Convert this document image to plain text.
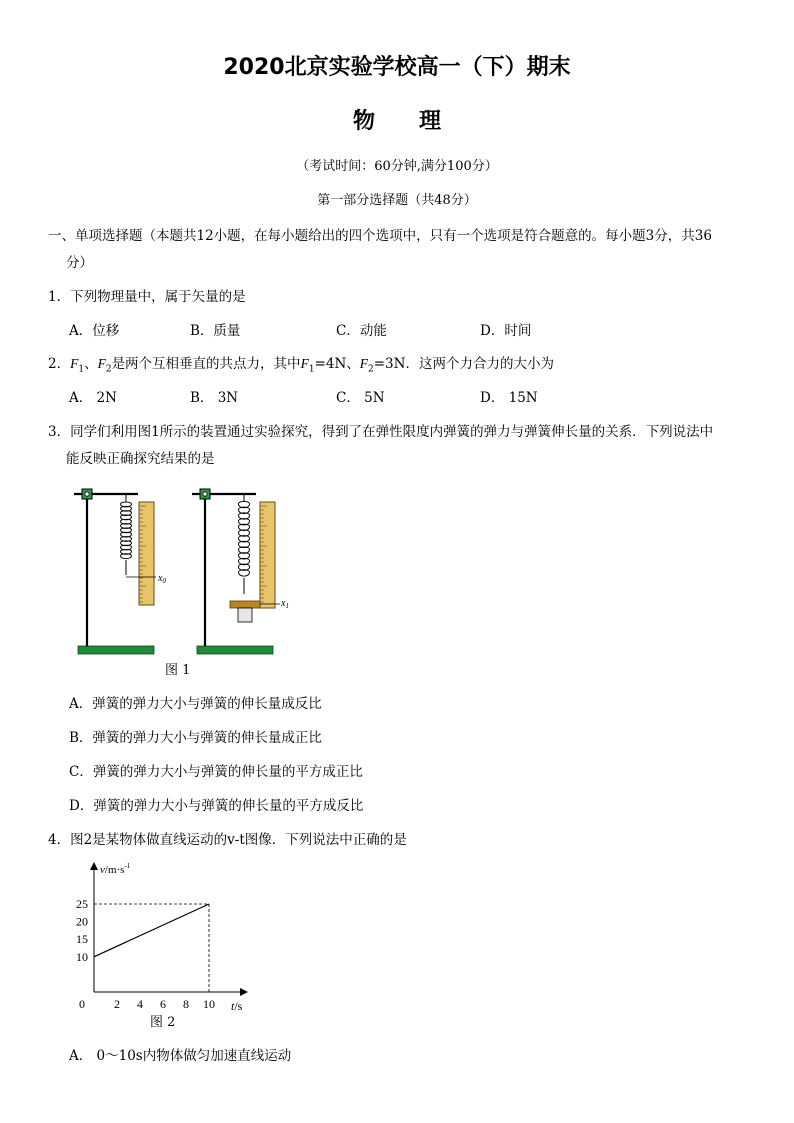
2020北京实验学校高一（下）期末
物 理
（考试时间：60分钟,满分100分）
第一部分选择题（共48分）
一、单项选择题（本题共12小题，在每小题给出的四个选项中，只有一个选项是符合题意的。每小题3分，共36
分）
1．下列物理量中，属于矢量的是
A．位移	B．质量	C．动能	D．时间
2．$F_1$、$F_2$是两个互相垂直的共点力，其中$F_1=4N$、$F_2=3N$．这两个力合力的大小为
A． 2N	B． 3N	C． 5N	D． 15N
3．同学们利用图1所示的装置通过实验探究，得到了在弹性限度内弹簧的弹力与弹簧伸长量的关系．下列说法中
能反映正确探究结果的是
$x_0$
$x_1$
图 1
A．弹簧的弹力大小与弹簧的伸长量成反比
B．弹簧的弹力大小与弹簧的伸长量成正比
C．弹簧的弹力大小与弹簧的伸长量的平方成正比
D．弹簧的弹力大小与弹簧的伸长量的平方成反比
4．图2是某物体做直线运动的v-t图像．下列说法中正确的是
2 4 6 8 10
10
15
20
25
0
$v/m\cdot s^{-1}$
t/s
图 2
A． 0～10s内物体做匀加速直线运动
